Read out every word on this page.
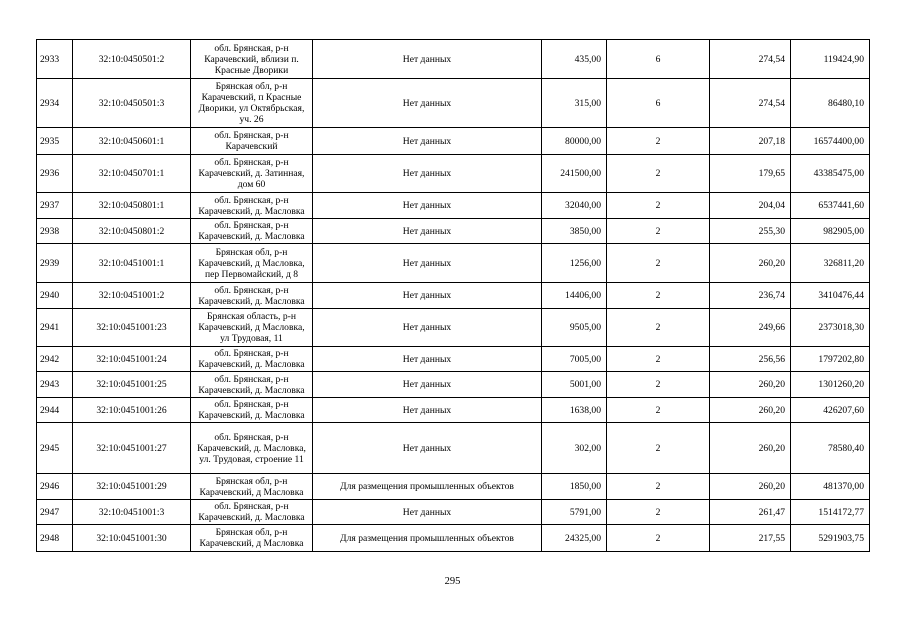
2933	32:10:0450501:2	обл. Брянская, р-н Карачевский, вблизи п. Красные Дворики	Нет данных	435,00	6	274,54	119424,90
2934	32:10:0450501:3	Брянская обл, р-н Карачевский, п Красные Дворики, ул Октябрьская, уч. 26	Нет данных	315,00	6	274,54	86480,10
2935	32:10:0450601:1	обл. Брянская, р-н Карачевский	Нет данных	80000,00	2	207,18	16574400,00
2936	32:10:0450701:1	обл. Брянская, р-н Карачевский, д. Затинная, дом 60	Нет данных	241500,00	2	179,65	43385475,00
2937	32:10:0450801:1	обл. Брянская, р-н Карачевский, д. Масловка	Нет данных	32040,00	2	204,04	6537441,60
2938	32:10:0450801:2	обл. Брянская, р-н Карачевский, д. Масловка	Нет данных	3850,00	2	255,30	982905,00
2939	32:10:0451001:1	Брянская обл, р-н Карачевский, д Масловка, пер Первомайский, д 8	Нет данных	1256,00	2	260,20	326811,20
2940	32:10:0451001:2	обл. Брянская, р-н Карачевский, д. Масловка	Нет данных	14406,00	2	236,74	3410476,44
2941	32:10:0451001:23	Брянская область, р-н Карачевский, д Масловка, ул Трудовая, 11	Нет данных	9505,00	2	249,66	2373018,30
2942	32:10:0451001:24	обл. Брянская, р-н Карачевский, д. Масловка	Нет данных	7005,00	2	256,56	1797202,80
2943	32:10:0451001:25	обл. Брянская, р-н Карачевский, д. Масловка	Нет данных	5001,00	2	260,20	1301260,20
2944	32:10:0451001:26	обл. Брянская, р-н Карачевский, д. Масловка	Нет данных	1638,00	2	260,20	426207,60
2945	32:10:0451001:27	обл. Брянская, р-н Карачевский, д. Масловка, ул. Трудовая, строение 11	Нет данных	302,00	2	260,20	78580,40
2946	32:10:0451001:29	Брянская обл, р-н Карачевский, д Масловка	Для размещения промышленных объектов	1850,00	2	260,20	481370,00
2947	32:10:0451001:3	обл. Брянская, р-н Карачевский, д. Масловка	Нет данных	5791,00	2	261,47	1514172,77
2948	32:10:0451001:30	Брянская обл, р-н Карачевский, д Масловка	Для размещения промышленных объектов	24325,00	2	217,55	5291903,75
295
